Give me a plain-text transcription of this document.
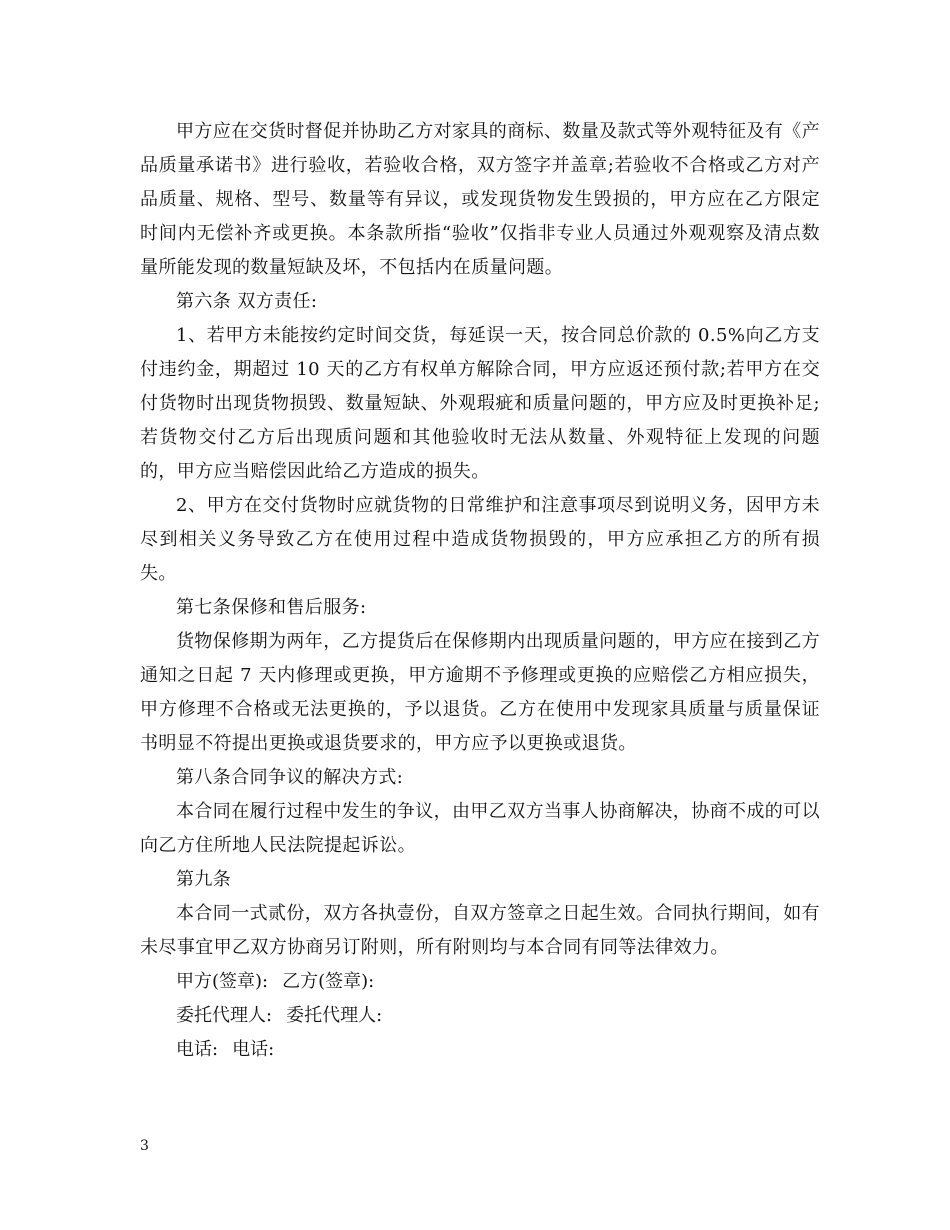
甲方应在交货时督促并协助乙方对家具的商标、数量及款式等外观特征及有《产品质量承诺书》进行验收，若验收合格，双方签字并盖章;若验收不合格或乙方对产品质量、规格、型号、数量等有异议，或发现货物发生毁损的，甲方应在乙方限定时间内无偿补齐或更换。本条款所指“验收”仅指非专业人员通过外观观察及清点数量所能发现的数量短缺及坏，不包括内在质量问题。

第六条 双方责任:

1、若甲方未能按约定时间交货，每延误一天，按合同总价款的 0.5%向乙方支付违约金，期超过 10 天的乙方有权单方解除合同，甲方应返还预付款;若甲方在交付货物时出现货物损毁、数量短缺、外观瑕疵和质量问题的，甲方应及时更换补足;若货物交付乙方后出现质问题和其他验收时无法从数量、外观特征上发现的问题的，甲方应当赔偿因此给乙方造成的损失。

2、甲方在交付货物时应就货物的日常维护和注意事项尽到说明义务，因甲方未尽到相关义务导致乙方在使用过程中造成货物损毁的，甲方应承担乙方的所有损失。

第七条保修和售后服务:

货物保修期为两年，乙方提货后在保修期内出现质量问题的，甲方应在接到乙方通知之日起 7 天内修理或更换，甲方逾期不予修理或更换的应赔偿乙方相应损失，甲方修理不合格或无法更换的，予以退货。乙方在使用中发现家具质量与质量保证书明显不符提出更换或退货要求的，甲方应予以更换或退货。

第八条合同争议的解决方式:

本合同在履行过程中发生的争议，由甲乙双方当事人协商解决，协商不成的可以向乙方住所地人民法院提起诉讼。

第九条

本合同一式贰份，双方各执壹份，自双方签章之日起生效。合同执行期间，如有未尽事宜甲乙双方协商另订附则，所有附则均与本合同有同等法律效力。

甲方(签章): 乙方(签章):

委托代理人: 委托代理人:

电话: 电话:

3
